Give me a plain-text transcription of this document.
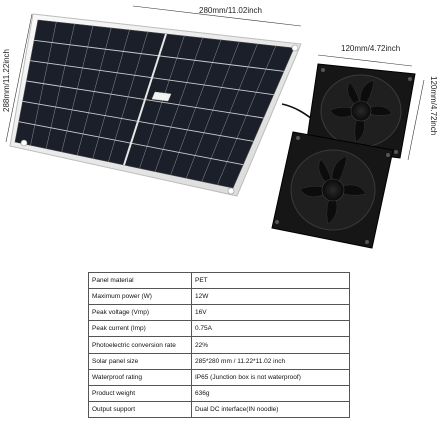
280mm/11.02inch
288mm/11.22inch
120mm/4.72inch
120mm/4.72inch
Panel material	PET
Maximum power (W)	12W
Peak voltage (Vmp)	16V
Peak current (Imp)	0.75A
Photoelectric conversion rate	22%
Solar panel size	285*280 mm / 11.22*11.02 inch
Waterproof rating	IP65 (Junction box is not waterproof)
Product weight	636g
Output support	Dual DC interface(IN noodle)
